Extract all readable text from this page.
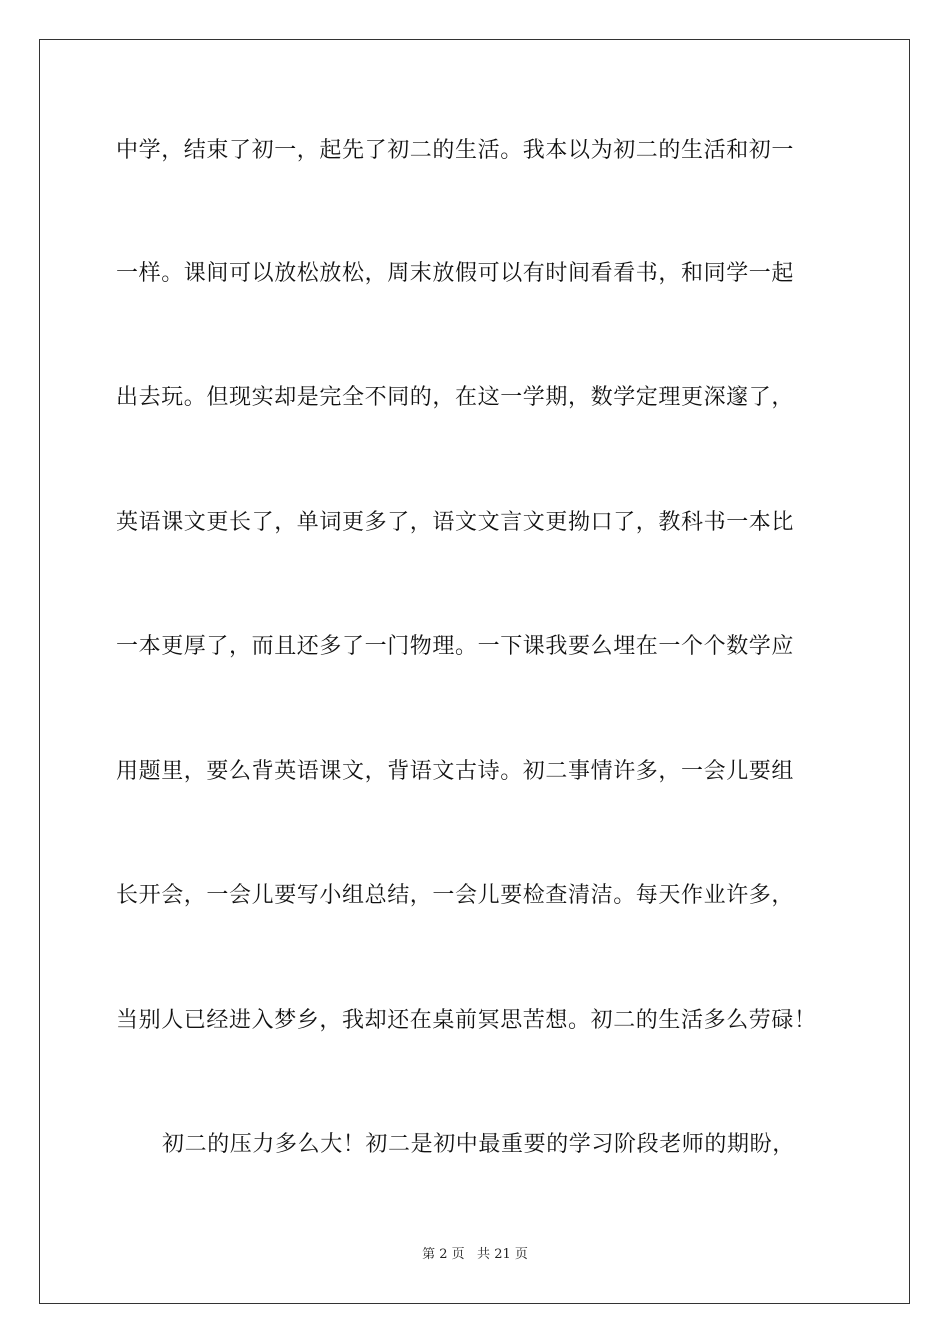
中学，结束了初一，起先了初二的生活。我本以为初二的生活和初一
一样。课间可以放松放松，周末放假可以有时间看看书，和同学一起
出去玩。但现实却是完全不同的，在这一学期，数学定理更深邃了，
英语课文更长了，单词更多了，语文文言文更拗口了，教科书一本比
一本更厚了，而且还多了一门物理。一下课我要么埋在一个个数学应
用题里，要么背英语课文，背语文古诗。初二事情许多，一会儿要组
长开会，一会儿要写小组总结，一会儿要检查清洁。每天作业许多，
当别人已经进入梦乡，我却还在桌前冥思苦想。初二的生活多么劳碌！
初二的压力多么大！初二是初中最重要的学习阶段老师的期盼，
第 2 页   共 21 页
